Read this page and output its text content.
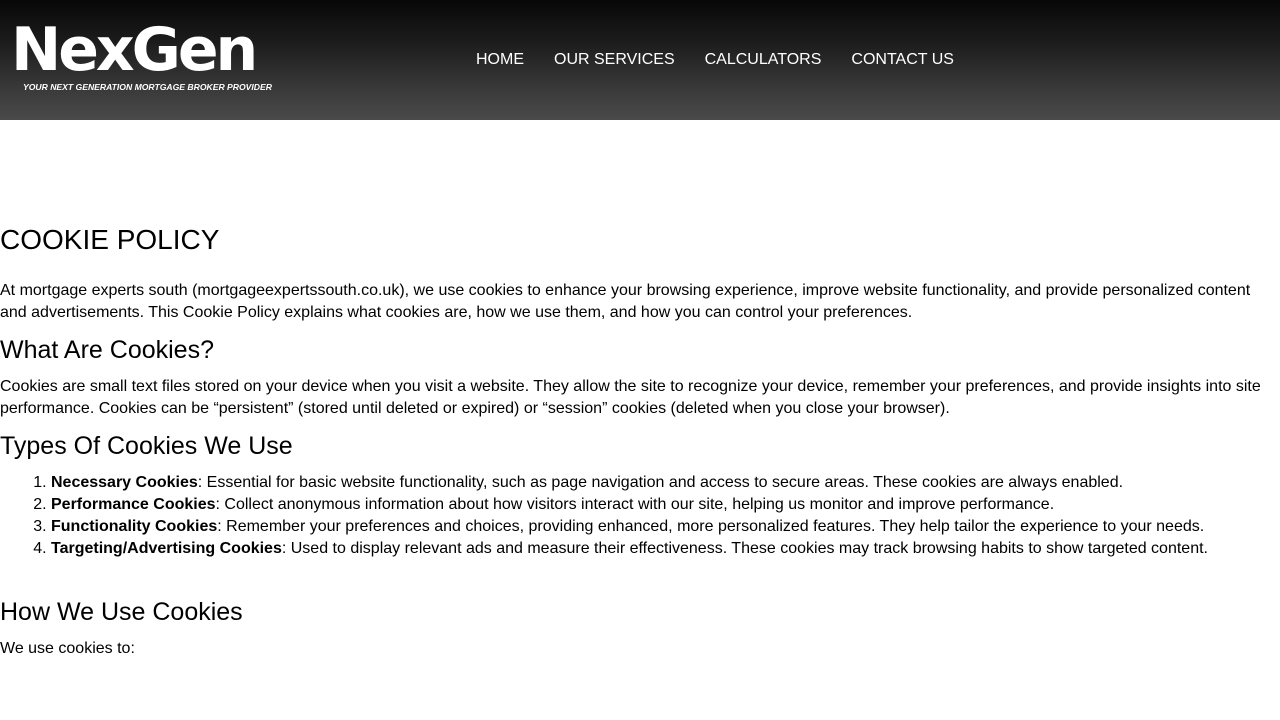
NexGen
YOUR NEXT GENERATION MORTGAGE BROKER PROVIDER
HOME OUR SERVICES CALCULATORS CONTACT US
COOKIE POLICY

At mortgage experts south (mortgageexpertssouth.co.uk), we use cookies to enhance your browsing experience, improve website functionality, and provide personalized content and advertisements. This Cookie Policy explains what cookies are, how we use them, and how you can control your preferences.

What Are Cookies?

Cookies are small text files stored on your device when you visit a website. They allow the site to recognize your device, remember your preferences, and provide insights into site performance. Cookies can be “persistent” (stored until deleted or expired) or “session” cookies (deleted when you close your browser).

Types Of Cookies We Use
1. Necessary Cookies: Essential for basic website functionality, such as page navigation and access to secure areas. These cookies are always enabled.
2. Performance Cookies: Collect anonymous information about how visitors interact with our site, helping us monitor and improve performance.
3. Functionality Cookies: Remember your preferences and choices, providing enhanced, more personalized features. They help tailor the experience to your needs.
4. Targeting/Advertising Cookies: Used to display relevant ads and measure their effectiveness. These cookies may track browsing habits to show targeted content.
How We Use Cookies

We use cookies to:
